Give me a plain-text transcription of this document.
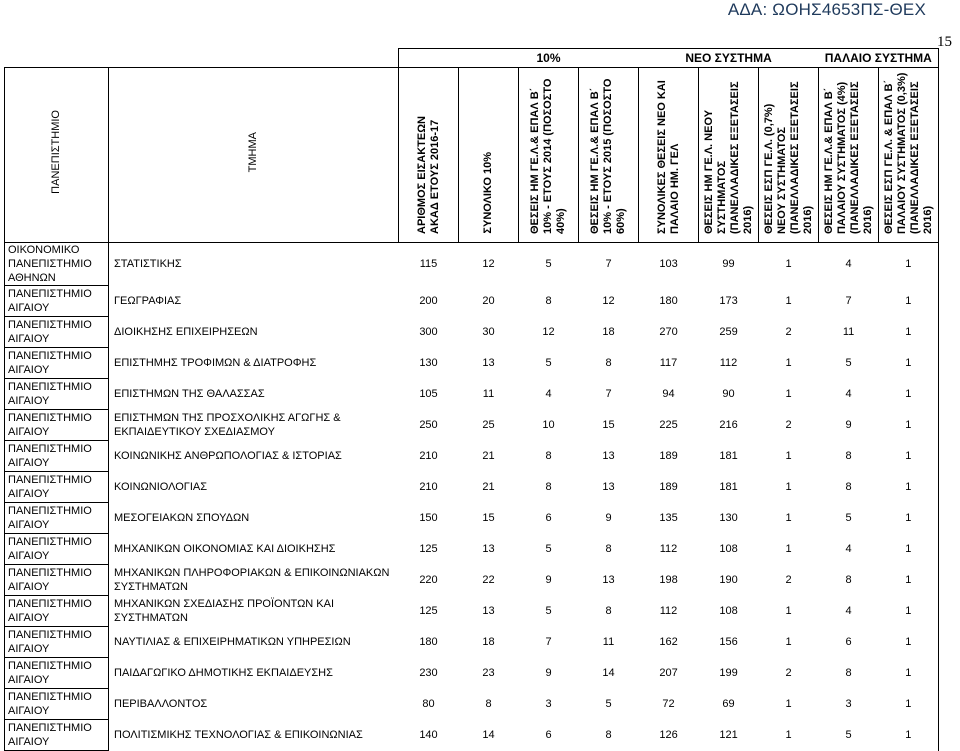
ΑΔΑ: ΩΟΗΣ4653ΠΣ-ΘΕΧ
15
			10%			ΝΕΟ ΣΥΣΤΗΜΑ			ΠΑΛΑΙΟ ΣΥΣΤΗΜΑ	
ΠΑΝΕΠΙΣΤΗΜΙΟ	ΤΜΗΜΑ	ΑΡΙΘΜΟΣ ΕΙΣΑΚΤΕΩΝ ΑΚΑΔ ΕΤΟΥΣ 2016-17	ΣΥΝΟΛΙΚΟ 10%	ΘΕΣΕΙΣ ΗΜ ΓΕ.Λ.& ΕΠΑΛ Β΄ 10% - ΕΤΟΥΣ 2014 (ΠΟΣΟΣΤΟ 40%)	ΘΕΣΕΙΣ ΗΜ ΓΕ.Λ.& ΕΠΑΛ Β΄ 10% - ΕΤΟΥΣ 2015 (ΠΟΣΟΣΤΟ 60%)	ΣΥΝΟΛΙΚΕΣ ΘΕΣΕΙΣ ΝΕΟ ΚΑΙ ΠΑΛΑΙΟ ΗΜ. ΓΕΛ	ΘΕΣΕΙΣ ΗΜ ΓΕ.Λ. ΝΕΟΥ ΣΥΣΤΗΜΑΤΟΣ (ΠΑΝΕΛΛΑΔΙΚΕΣ ΕΞΕΤΑΣΕΙΣ 2016)	ΘΕΣΕΙΣ ΕΣΠ ΓΕ.Λ. (0,7%) ΝΕΟΥ ΣΥΣΤΗΜΑΤΟΣ (ΠΑΝΕΛΛΑΔΙΚΕΣ ΕΞΕΤΑΣΕΙΣ 2016)	ΘΕΣΕΙΣ ΗΜ ΓΕ.Λ.& ΕΠΑΛ Β΄ ΠΑΛΑΙΟΥ ΣΥΣΤΗΜΑΤΟΣ (4%) (ΠΑΝΕΛΛΑΔΙΚΕΣ ΕΞΕΤΑΣΕΙΣ 2016)	ΘΕΣΕΙΣ ΕΣΠ ΓΕ.Λ. & ΕΠΑΛ Β΄ ΠΑΛΑΙΟΥ ΣΥΣΤΗΜΑΤΟΣ (0,3%) (ΠΑΝΕΛΛΑΔΙΚΕΣ ΕΞΕΤΑΣΕΙΣ 2016)
ΟΙΚΟΝΟΜΙΚΟ ΠΑΝΕΠΙΣΤΗΜΙΟ ΑΘΗΝΩΝ	ΣΤΑΤΙΣΤΙΚΗΣ	115	12	5	7	103	99	1	4	1
ΠΑΝΕΠΙΣΤΗΜΙΟ ΑΙΓΑΙΟΥ	ΓΕΩΓΡΑΦΙΑΣ	200	20	8	12	180	173	1	7	1
ΠΑΝΕΠΙΣΤΗΜΙΟ ΑΙΓΑΙΟΥ	ΔΙΟΙΚΗΣΗΣ ΕΠΙΧΕΙΡΗΣΕΩΝ	300	30	12	18	270	259	2	11	1
ΠΑΝΕΠΙΣΤΗΜΙΟ ΑΙΓΑΙΟΥ	ΕΠΙΣΤΗΜΗΣ ΤΡΟΦΙΜΩΝ & ΔΙΑΤΡΟΦΗΣ	130	13	5	8	117	112	1	5	1
ΠΑΝΕΠΙΣΤΗΜΙΟ ΑΙΓΑΙΟΥ	ΕΠΙΣΤΗΜΩΝ ΤΗΣ ΘΑΛΑΣΣΑΣ	105	11	4	7	94	90	1	4	1
ΠΑΝΕΠΙΣΤΗΜΙΟ ΑΙΓΑΙΟΥ	ΕΠΙΣΤΗΜΩΝ ΤΗΣ ΠΡΟΣΧΟΛΙΚΗΣ ΑΓΩΓΗΣ & ΕΚΠΑΙΔΕΥΤΙΚΟΥ ΣΧΕΔΙΑΣΜΟΥ	250	25	10	15	225	216	2	9	1
ΠΑΝΕΠΙΣΤΗΜΙΟ ΑΙΓΑΙΟΥ	ΚΟΙΝΩΝΙΚΗΣ ΑΝΘΡΩΠΟΛΟΓΙΑΣ & ΙΣΤΟΡΙΑΣ	210	21	8	13	189	181	1	8	1
ΠΑΝΕΠΙΣΤΗΜΙΟ ΑΙΓΑΙΟΥ	ΚΟΙΝΩΝΙΟΛΟΓΙΑΣ	210	21	8	13	189	181	1	8	1
ΠΑΝΕΠΙΣΤΗΜΙΟ ΑΙΓΑΙΟΥ	ΜΕΣΟΓΕΙΑΚΩΝ ΣΠΟΥΔΩΝ	150	15	6	9	135	130	1	5	1
ΠΑΝΕΠΙΣΤΗΜΙΟ ΑΙΓΑΙΟΥ	ΜΗΧΑΝΙΚΩΝ ΟΙΚΟΝΟΜΙΑΣ ΚΑΙ ΔΙΟΙΚΗΣΗΣ	125	13	5	8	112	108	1	4	1
ΠΑΝΕΠΙΣΤΗΜΙΟ ΑΙΓΑΙΟΥ	ΜΗΧΑΝΙΚΩΝ ΠΛΗΡΟΦΟΡΙΑΚΩΝ & ΕΠΙΚΟΙΝΩΝΙΑΚΩΝ ΣΥΣΤΗΜΑΤΩΝ	220	22	9	13	198	190	2	8	1
ΠΑΝΕΠΙΣΤΗΜΙΟ ΑΙΓΑΙΟΥ	ΜΗΧΑΝΙΚΩΝ ΣΧΕΔΙΑΣΗΣ ΠΡΟΪΟΝΤΩΝ ΚΑΙ ΣΥΣΤΗΜΑΤΩΝ	125	13	5	8	112	108	1	4	1
ΠΑΝΕΠΙΣΤΗΜΙΟ ΑΙΓΑΙΟΥ	ΝΑΥΤΙΛΙΑΣ & ΕΠΙΧΕΙΡΗΜΑΤΙΚΩΝ ΥΠΗΡΕΣΙΩΝ	180	18	7	11	162	156	1	6	1
ΠΑΝΕΠΙΣΤΗΜΙΟ ΑΙΓΑΙΟΥ	ΠΑΙΔΑΓΩΓΙΚΟ ΔΗΜΟΤΙΚΗΣ ΕΚΠΑΙΔΕΥΣΗΣ	230	23	9	14	207	199	2	8	1
ΠΑΝΕΠΙΣΤΗΜΙΟ ΑΙΓΑΙΟΥ	ΠΕΡΙΒΑΛΛΟΝΤΟΣ	80	8	3	5	72	69	1	3	1
ΠΑΝΕΠΙΣΤΗΜΙΟ ΑΙΓΑΙΟΥ	ΠΟΛΙΤΙΣΜΙΚΗΣ ΤΕΧΝΟΛΟΓΙΑΣ & ΕΠΙΚΟΙΝΩΝΙΑΣ	140	14	6	8	126	121	1	5	1
